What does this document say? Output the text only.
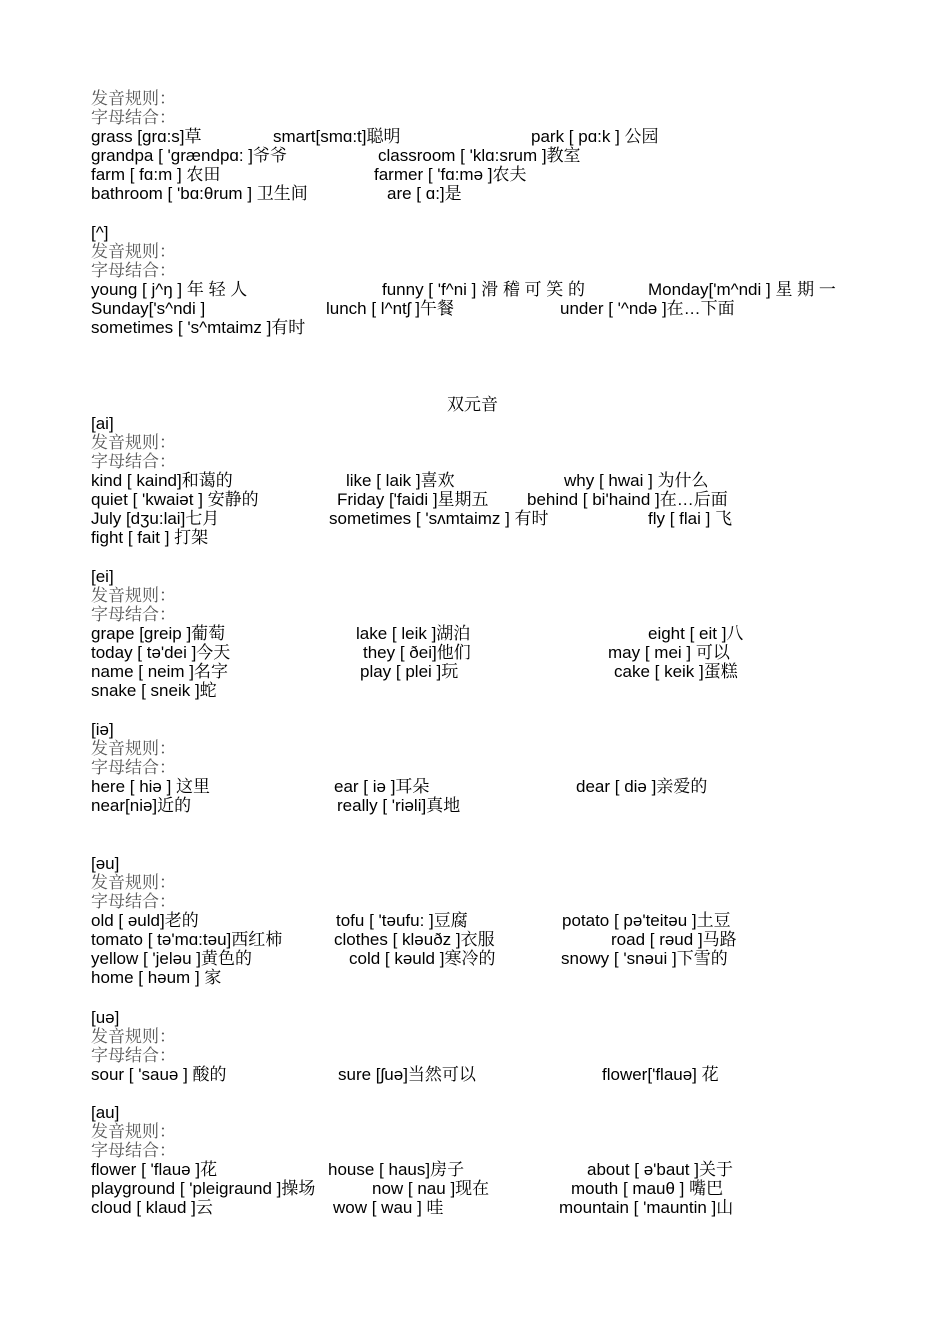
发音规则：
字母结合：
grass [grɑ:s]草	smart[smɑ:t]聪明	park [ pɑ:k ] 公园
grandpa [ 'grændpɑ: ]爷爷	classroom [ 'klɑ:srum ]教室
farm [ fɑ:m ] 农田	farmer [ 'fɑ:mə ]农夫
bathroom [ 'bɑ:θrum ] 卫生间	are [ ɑ:]是
[^]
发音规则：
字母结合：
young [ j^ŋ ] 年 轻 人	funny [ 'f^ni ] 滑 稽 可 笑 的	Monday['m^ndi ] 星 期 一
Sunday['s^ndi ]	lunch [ l^ntʃ ]午餐	under [ '^ndə ]在…下面
sometimes [ 's^mtaimz ]有时
双元音
[ai]
发音规则：
字母结合：
kind [ kaind]和蔼的	like [ laik ]喜欢	why [ hwai ] 为什么
quiet [ 'kwaiət ] 安静的	Friday ['faidi ]星期五 behind [ bi'haind ]在…后面
July [dʒu:lai]七月	sometimes [ 'sʌmtaimz ] 有时	fly [ flai ] 飞
fight [ fait ] 打架
[ei]
发音规则：
字母结合：
grape [greip ]葡萄	lake [ leik ]湖泊	eight [ eit ]八
today [ tə'dei ]今天	they [ ðei]他们	may [ mei ] 可以
name [ neim ]名字	play [ plei ]玩	cake [ keik ]蛋糕
snake [ sneik ]蛇
[iə]
发音规则：
字母结合：
here [ hiə ] 这里	ear [ iə ]耳朵	dear [ diə ]亲爱的
near[niə]近的	really [ 'riəli]真地
[əu]
发音规则：
字母结合：
old [ əuld]老的	tofu [ 'təufu: ]豆腐	potato [ pə'teitəu ]土豆
tomato [ tə'mɑ:təu]西红柿	clothes [ kləuðz ]衣服	road [ rəud ]马路
yellow [ 'jeləu ]黄色的	cold [ kəuld ]寒冷的	snowy [ 'snəui ]下雪的
home [ həum ] 家
[uə]
发音规则：
字母结合：
sour [ 'sauə ] 酸的	sure [ʃuə]当然可以	flower['flauə] 花
[au]
发音规则：
字母结合：
flower [ 'flauə ]花	house [ haus]房子	about [ ə'baut ]关于
playground [ 'pleigraund ]操场	now [ nau ]现在	mouth [ mauθ ] 嘴巴
cloud [ klaud ]云	wow [ wau ] 哇	mountain [ 'mauntin ]山
